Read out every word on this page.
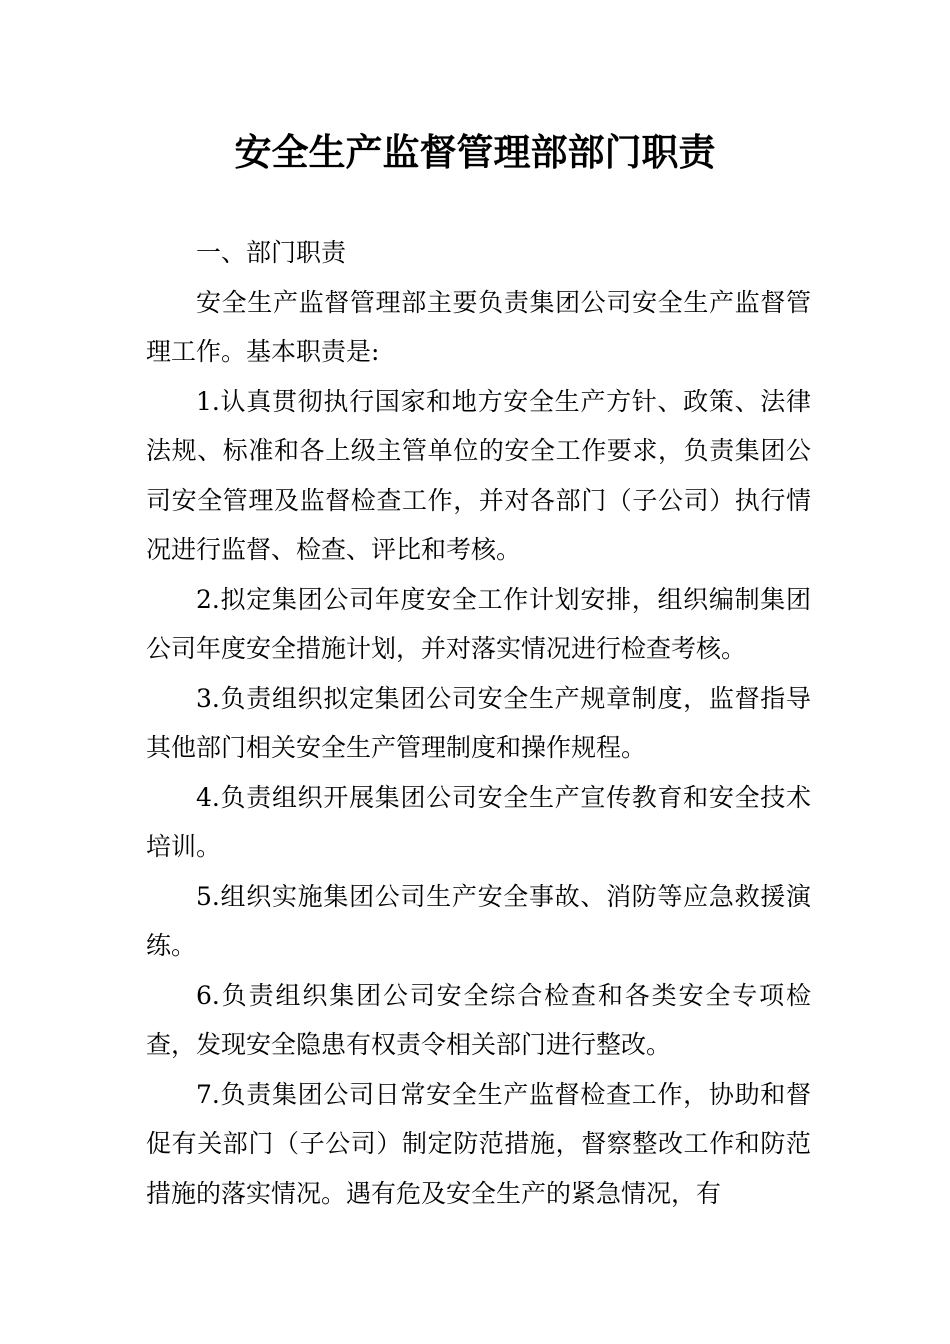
安全生产监督管理部部门职责

一、部门职责

安全生产监督管理部主要负责集团公司安全生产监督管理工作。基本职责是:

1.认真贯彻执行国家和地方安全生产方针、政策、法律法规、标准和各上级主管单位的安全工作要求，负责集团公司安全管理及监督检查工作，并对各部门（子公司）执行情况进行监督、检查、评比和考核。

2.拟定集团公司年度安全工作计划安排，组织编制集团公司年度安全措施计划，并对落实情况进行检查考核。

3.负责组织拟定集团公司安全生产规章制度，监督指导其他部门相关安全生产管理制度和操作规程。

4.负责组织开展集团公司安全生产宣传教育和安全技术培训。

5.组织实施集团公司生产安全事故、消防等应急救援演练。

6.负责组织集团公司安全综合检查和各类安全专项检查，发现安全隐患有权责令相关部门进行整改。

7.负责集团公司日常安全生产监督检查工作，协助和督促有关部门（子公司）制定防范措施，督察整改工作和防范措施的落实情况。遇有危及安全生产的紧急情况，有
